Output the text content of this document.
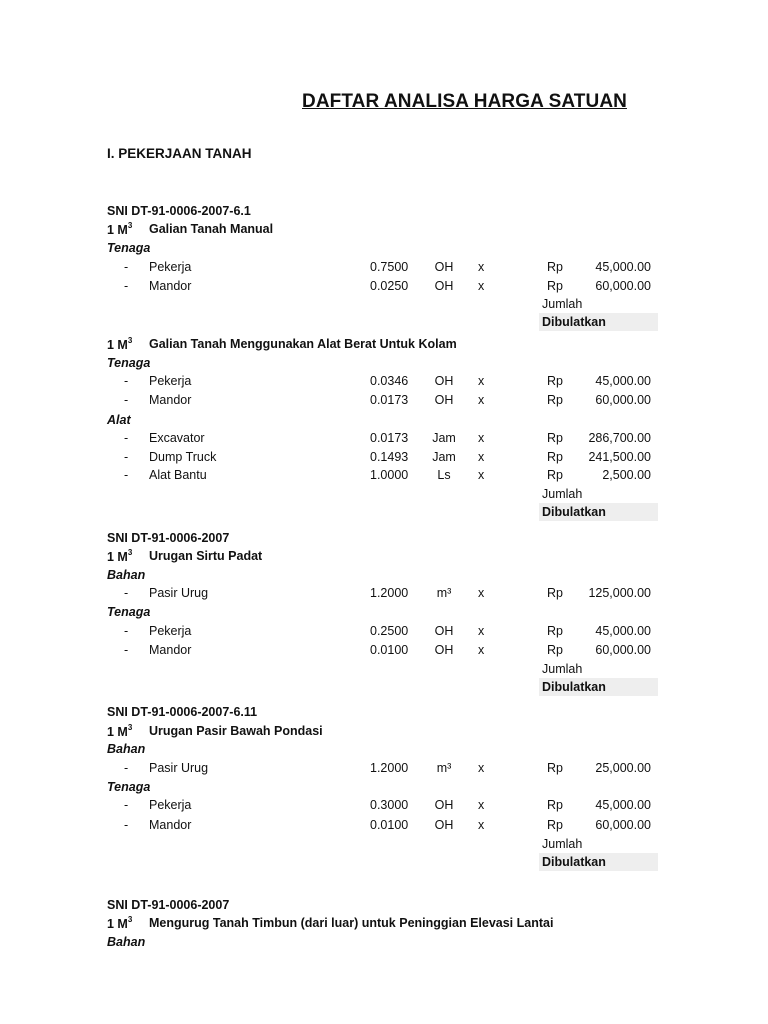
DAFTAR ANALISA HARGA SATUAN
I. PEKERJAAN TANAH
SNI DT-91-0006-2007-6.1
1 $M^3$ Galian Tanah Manual
Tenaga
- Pekerja	0.7500	OH	x	Rp	45,000.00
- Mandor	0.0250	OH	x	Rp	60,000.00
Jumlah
Dibulatkan
1 $M^3$ Galian Tanah Menggunakan Alat Berat Untuk Kolam
Tenaga
- Pekerja	0.0346	OH	x	Rp	45,000.00
- Mandor	0.0173	OH	x	Rp	60,000.00
Alat
- Excavator	0.0173	Jam	x	Rp	286,700.00
- Dump Truck	0.1493	Jam	x	Rp	241,500.00
- Alat Bantu	1.0000	Ls	x	Rp	2,500.00
Jumlah
Dibulatkan
SNI DT-91-0006-2007
1 $M^3$ Urugan Sirtu Padat
Bahan
- Pasir Urug	1.2000	m³	x	Rp	125,000.00
Tenaga
- Pekerja	0.2500	OH	x	Rp	45,000.00
- Mandor	0.0100	OH	x	Rp	60,000.00
Jumlah
Dibulatkan
SNI DT-91-0006-2007-6.11
1 $M^3$ Urugan Pasir Bawah Pondasi
Bahan
- Pasir Urug	1.2000	m³	x	Rp	25,000.00
Tenaga
- Pekerja	0.3000	OH	x	Rp	45,000.00
- Mandor	0.0100	OH	x	Rp	60,000.00
Jumlah
Dibulatkan
SNI DT-91-0006-2007
1 $M^3$ Mengurug Tanah Timbun (dari luar) untuk Peninggian Elevasi Lantai
Bahan
